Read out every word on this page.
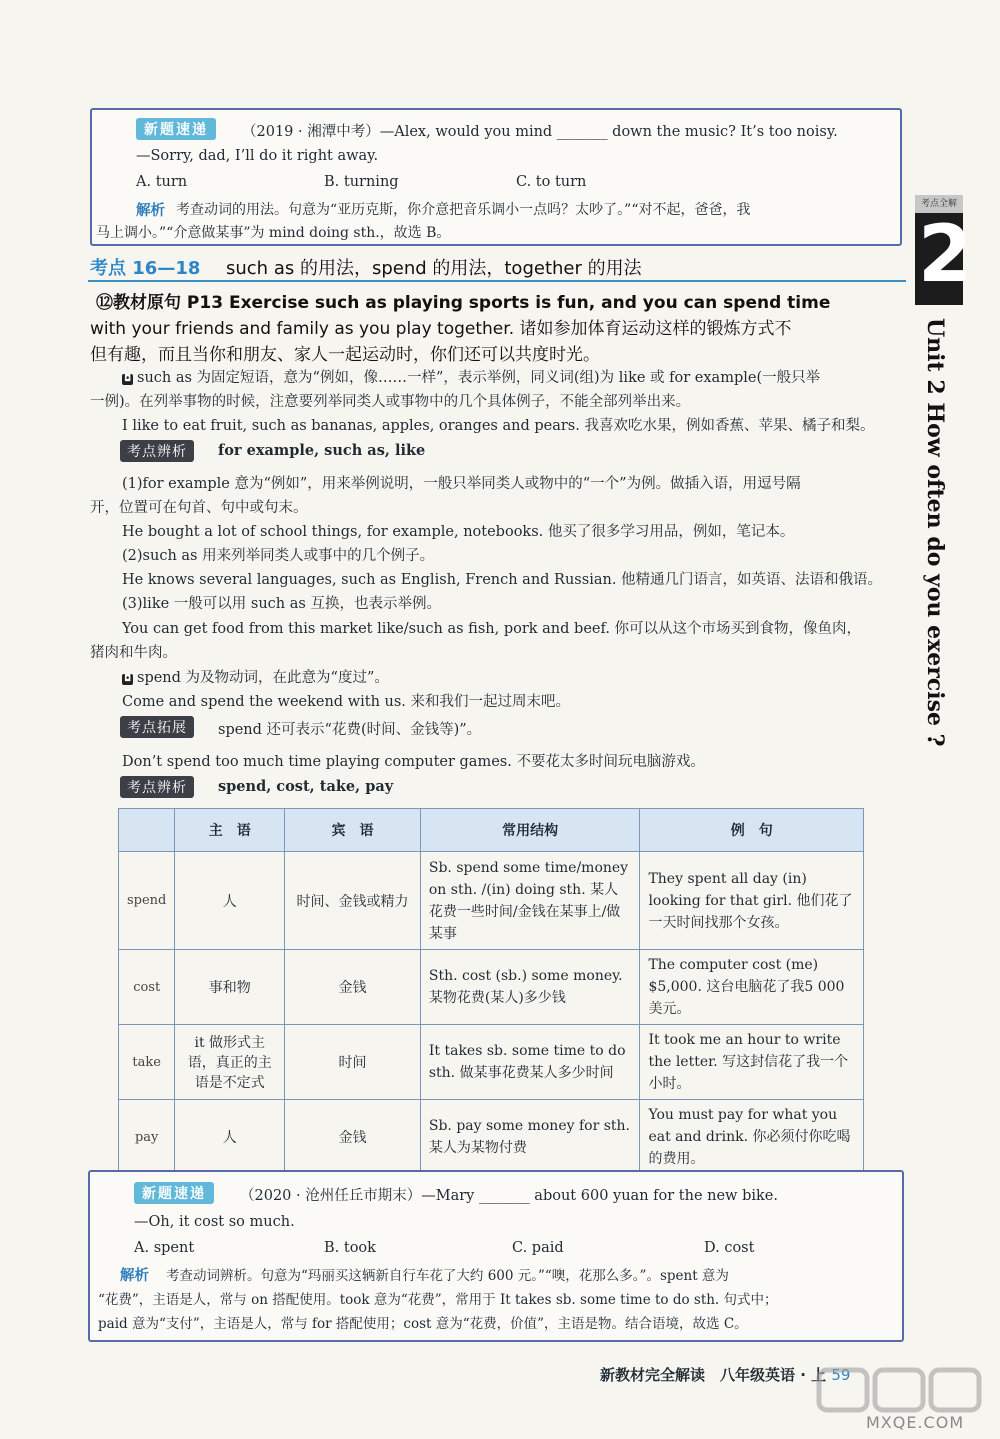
新题速递	（2019 · 湘潭中考）—Alex, would you mind _______ down the music? It’s too noisy.
—Sorry, dad, I’ll do it right away.
A. turn	B. turning	C. to turn
解析 考查动词的用法。句意为“亚历克斯，你介意把音乐调小一点吗？太吵了。”“对不起，爸爸，我
马上调小。”“介意做某事”为 mind doing sth.，故选 B。
考点 16—18 such as 的用法，spend 的用法，together 的用法
⑫教材原句 P13 Exercise such as playing sports is fun, and you can spend time
with your friends and family as you play together. 诸如参加体育运动这样的锻炼方式不
但有趣，而且当你和朋友、家人一起运动时，你们还可以共度时光。
◘ such as 为固定短语，意为“例如，像……一样”，表示举例，同义词(组)为 like 或 for example(一般只举
一例)。在列举事物的时候，注意要列举同类人或事物中的几个具体例子，不能全部列举出来。
I like to eat fruit, such as bananas, apples, oranges and pears. 我喜欢吃水果，例如香蕉、苹果、橘子和梨。
考点辨析	for example, such as, like
(1)for example 意为“例如”，用来举例说明，一般只举同类人或物中的“一个”为例。做插入语，用逗号隔
开，位置可在句首、句中或句末。
He bought a lot of school things, for example, notebooks. 他买了很多学习用品，例如，笔记本。
(2)such as 用来列举同类人或事中的几个例子。
He knows several languages, such as English, French and Russian. 他精通几门语言，如英语、法语和俄语。
(3)like 一般可以用 such as 互换，也表示举例。
You can get food from this market like/such as fish, pork and beef. 你可以从这个市场买到食物，像鱼肉，
猪肉和牛肉。
◘ spend 为及物动词，在此意为“度过”。
Come and spend the weekend with us. 来和我们一起过周末吧。
考点拓展	spend 还可表示“花费(时间、金钱等)”。
Don’t spend too much time playing computer games. 不要花太多时间玩电脑游戏。
考点辨析	spend, cost, take, pay
	主　语	宾　语	常用结构	例　句
spend	人	时间、金钱或精力	Sb. spend some time/money on sth. /(in) doing sth. 某人花费一些时间/金钱在某事上/做某事	They spent all day (in) looking for that girl. 他们花了一天时间找那个女孩。
cost	事和物	金钱	Sth. cost (sb.) some money. 某物花费(某人)多少钱	The computer cost (me) $5,000. 这台电脑花了我5 000美元。
take	it 做形式主语，真正的主语是不定式	时间	It takes sb. some time to do sth. 做某事花费某人多少时间	It took me an hour to write the letter. 写这封信花了我一个小时。
pay	人	金钱	Sb. pay some money for sth. 某人为某物付费	You must pay for what you eat and drink. 你必须付你吃喝的费用。
新题速递	（2020 · 沧州任丘市期末）—Mary _______ about 600 yuan for the new bike.
—Oh, it cost so much.
A. spent	B. took	C. paid	D. cost
解析 考查动词辨析。句意为“玛丽买这辆新自行车花了大约 600 元。”“噢，花那么多。”。spent 意为
“花费”，主语是人，常与 on 搭配使用。took 意为“花费”，常用于 It takes sb. some time to do sth. 句式中；
paid 意为“支付”，主语是人，常与 for 搭配使用；cost 意为“花费，价值”，主语是物。结合语境，故选 C。
考点全解
2
Unit 2 How often do you exercise ?
新教材完全解读　八年级英语 · 上 59
MXQE.COM
